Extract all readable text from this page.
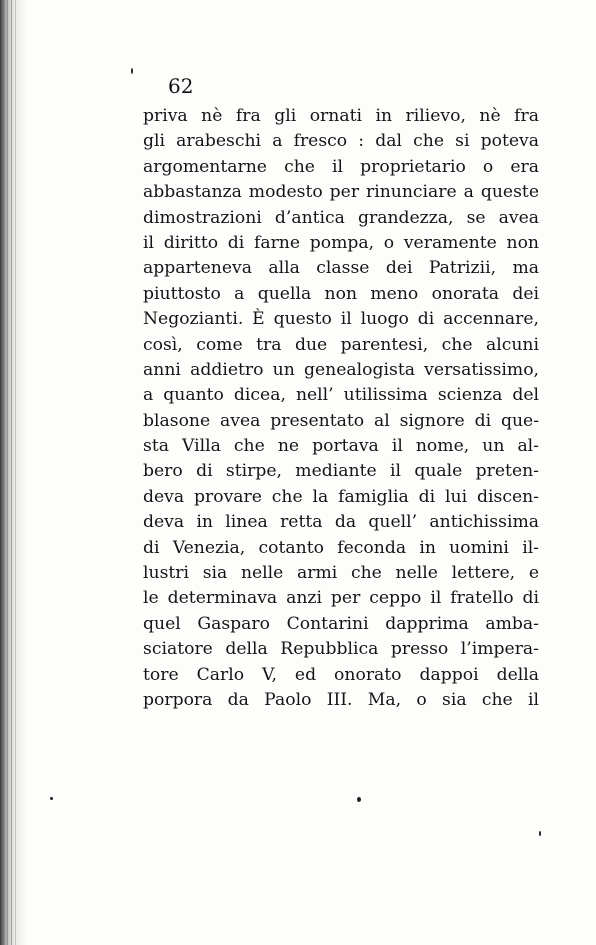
62
priva nè fra gli ornati in rilievo, nè fra
gli arabeschi a fresco : dal che si poteva
argomentarne che il proprietario o era
abbastanza modesto per rinunciare a queste
dimostrazioni d’antica grandezza, se avea
il diritto di farne pompa, o veramente non
apparteneva alla classe dei Patrizii, ma
piuttosto a quella non meno onorata dei
Negozianti. È questo il luogo di accennare,
così, come tra due parentesi, che alcuni
anni addietro un genealogista versatissimo,
a quanto dicea, nell’ utilissima scienza del
blasone avea presentato al signore di que-
sta Villa che ne portava il nome, un al-
bero di stirpe, mediante il quale preten-
deva provare che la famiglia di lui discen-
deva in linea retta da quell’ antichissima
di Venezia, cotanto feconda in uomini il-
lustri sia nelle armi che nelle lettere, e
le determinava anzi per ceppo il fratello di
quel Gasparo Contarini dapprima amba-
sciatore della Repubblica presso l’impera-
tore Carlo V, ed onorato dappoi della
porpora da Paolo III. Ma, o sia che il
